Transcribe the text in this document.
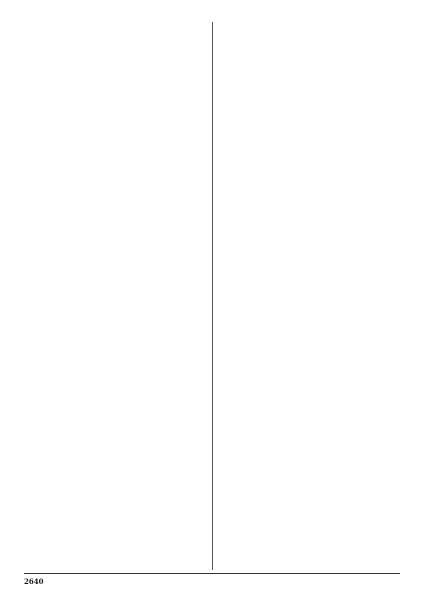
2640
